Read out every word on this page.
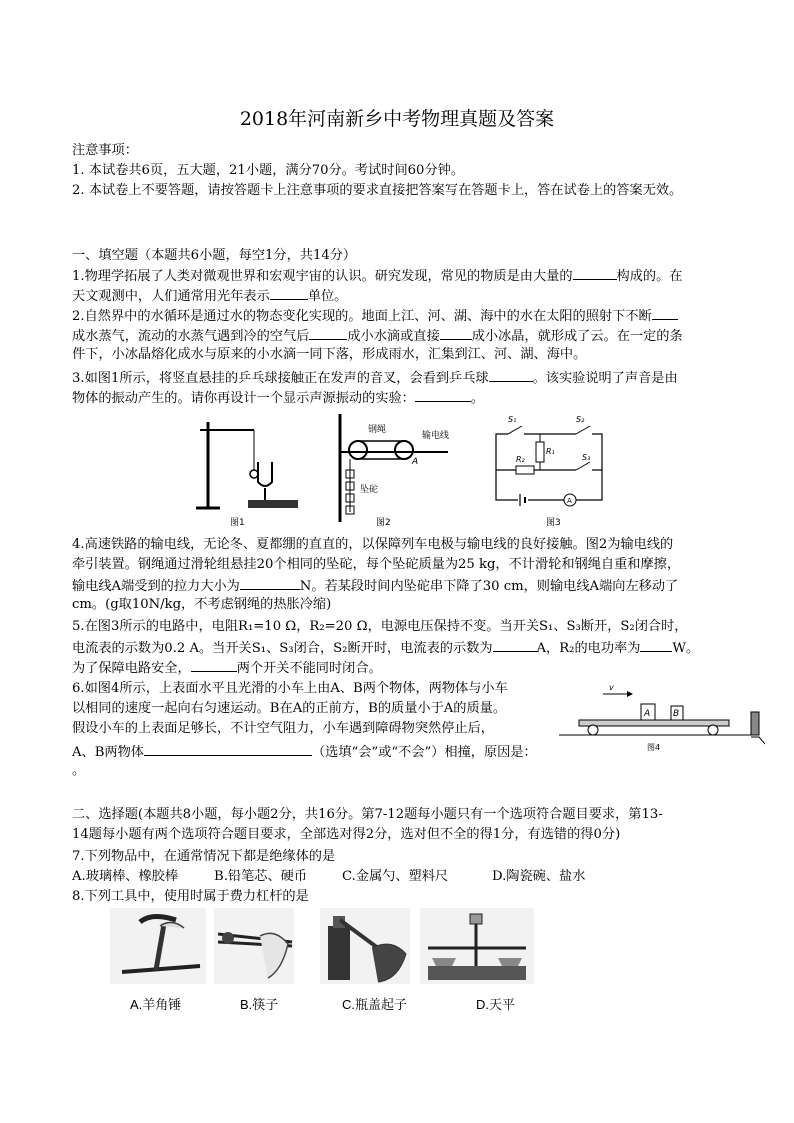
2018年河南新乡中考物理真题及答案
注意事项：
1. 本试卷共6页，五大题，21小题，满分70分。考试时间60分钟。
2. 本试卷上不要答题，请按答题卡上注意事项的要求直接把答案写在答题卡上，答在试卷上的答案无效。
一、填空题（本题共6小题，每空1分，共14分）
1.物理学拓展了人类对微观世界和宏观宇宙的认识。研究发现，常见的物质是由大量的	构成的。在
天文观测中，人们通常用光年表示	单位。
2.自然界中的水循环是通过水的物态变化实现的。地面上江、河、湖、海中的水在太阳的照射下不断
成水蒸气，流动的水蒸气遇到冷的空气后	成小水滴或直接 成小冰晶，就形成了云。在一定的条
件下，小冰晶熔化成水与原来的小水滴一同下落，形成雨水，汇集到江、河、湖、海中。
3.如图1所示，将竖直悬挂的乒乓球接触正在发声的音叉，会看到乒乓球	。该实验说明了声音是由
物体的振动产生的。请你再设计一个显示声源振动的实验：	。
图1
钢绳
输电线
A
坠砣
图2
A
S₁	S₂
S₃
R₁
R₂
图3
4.高速铁路的输电线，无论冬、夏都绷的直直的，以保障列车电极与输电线的良好接触。图2为输电线的
牵引装置。钢绳通过滑轮组悬挂20个相同的坠砣，每个坠砣质量为25 kg，不计滑轮和钢绳自重和摩擦，
输电线A端受到的拉力大小为	N。若某段时间内坠砣串下降了30 cm，则输电线A端向左移动了
cm。(g取10N/kg，不考虑钢绳的热胀冷缩)
5.在图3所示的电路中，电阻R₁=10 Ω，R₂=20 Ω，电源电压保持不变。当开关S₁、S₃断开，S₂闭合时，
电流表的示数为0.2 A。当开关S₁、S₃闭合，S₂断开时，电流表的示数为	A，R₂的电功率为 W。
为了保障电路安全，	两个开关不能同时闭合。
6.如图4所示，上表面水平且光滑的小车上由A、B两个物体，两物体与小车
以相同的速度一起向右匀速运动。B在A的正前方，B的质量小于A的质量。
假设小车的上表面足够长，不计空气阻力，小车遇到障碍物突然停止后，
A、B两物体	（选填“会”或“不会”）相撞，原因是：
。
v
A	B
图4
二、选择题(本题共8小题，每小题2分，共16分。第7-12题每小题只有一个选项符合题目要求，第13-
14题每小题有两个选项符合题目要求，全部选对得2分，选对但不全的得1分，有选错的得0分)
7.下列物品中，在通常情况下都是绝缘体的是
A.玻璃棒、橡胶棒	B.铅笔芯、硬币	C.金属勺、塑料尺	D.陶瓷碗、盐水
8.下列工具中，使用时属于费力杠杆的是
A.羊角锤	B.筷子	C.瓶盖起子	D.天平
